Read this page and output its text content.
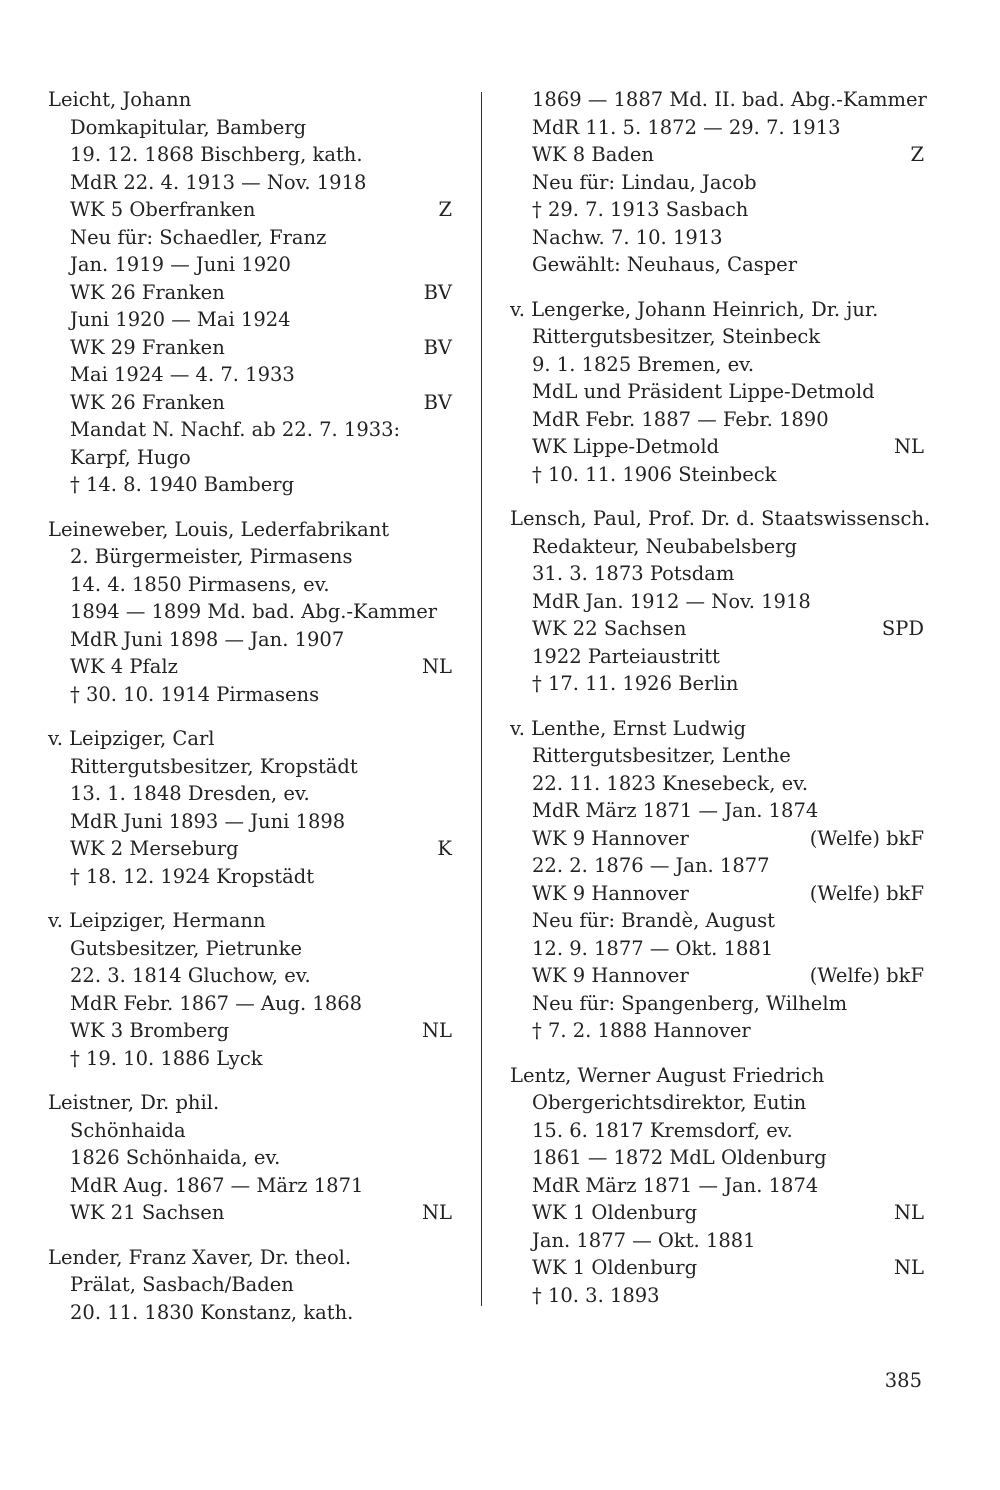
Leicht, Johann
Domkapitular, Bamberg
19. 12. 1868 Bischberg, kath.
MdR 22. 4. 1913 — Nov. 1918
WK 5 Oberfranken	Z
Neu für: Schaedler, Franz
Jan. 1919 — Juni 1920
WK 26 Franken	BV
Juni 1920 — Mai 1924
WK 29 Franken	BV
Mai 1924 — 4. 7. 1933
WK 26 Franken	BV
Mandat N. Nachf. ab 22. 7. 1933:
Karpf, Hugo
† 14. 8. 1940 Bamberg
Leineweber, Louis, Lederfabrikant
2. Bürgermeister, Pirmasens
14. 4. 1850 Pirmasens, ev.
1894 — 1899 Md. bad. Abg.-Kammer
MdR Juni 1898 — Jan. 1907
WK 4 Pfalz	NL
† 30. 10. 1914 Pirmasens
v. Leipziger, Carl
Rittergutsbesitzer, Kropstädt
13. 1. 1848 Dresden, ev.
MdR Juni 1893 — Juni 1898
WK 2 Merseburg	K
† 18. 12. 1924 Kropstädt
v. Leipziger, Hermann
Gutsbesitzer, Pietrunke
22. 3. 1814 Gluchow, ev.
MdR Febr. 1867 — Aug. 1868
WK 3 Bromberg	NL
† 19. 10. 1886 Lyck
Leistner, Dr. phil.
Schönhaida
1826 Schönhaida, ev.
MdR Aug. 1867 — März 1871
WK 21 Sachsen	NL
Lender, Franz Xaver, Dr. theol.
Prälat, Sasbach/Baden
20. 11. 1830 Konstanz, kath.
1869 — 1887 Md. II. bad. Abg.-Kammer
MdR 11. 5. 1872 — 29. 7. 1913
WK 8 Baden	Z
Neu für: Lindau, Jacob
† 29. 7. 1913 Sasbach
Nachw. 7. 10. 1913
Gewählt: Neuhaus, Casper
v. Lengerke, Johann Heinrich, Dr. jur.
Rittergutsbesitzer, Steinbeck
9. 1. 1825 Bremen, ev.
MdL und Präsident Lippe-Detmold
MdR Febr. 1887 — Febr. 1890
WK Lippe-Detmold	NL
† 10. 11. 1906 Steinbeck
Lensch, Paul, Prof. Dr. d. Staatswissensch.
Redakteur, Neubabelsberg
31. 3. 1873 Potsdam
MdR Jan. 1912 — Nov. 1918
WK 22 Sachsen	SPD
1922 Parteiaustritt
† 17. 11. 1926 Berlin
v. Lenthe, Ernst Ludwig
Rittergutsbesitzer, Lenthe
22. 11. 1823 Knesebeck, ev.
MdR März 1871 — Jan. 1874
WK 9 Hannover	(Welfe) bkF
22. 2. 1876 — Jan. 1877
WK 9 Hannover	(Welfe) bkF
Neu für: Brandè, August
12. 9. 1877 — Okt. 1881
WK 9 Hannover	(Welfe) bkF
Neu für: Spangenberg, Wilhelm
† 7. 2. 1888 Hannover
Lentz, Werner August Friedrich
Obergerichtsdirektor, Eutin
15. 6. 1817 Kremsdorf, ev.
1861 — 1872 MdL Oldenburg
MdR März 1871 — Jan. 1874
WK 1 Oldenburg	NL
Jan. 1877 — Okt. 1881
WK 1 Oldenburg	NL
† 10. 3. 1893
385
